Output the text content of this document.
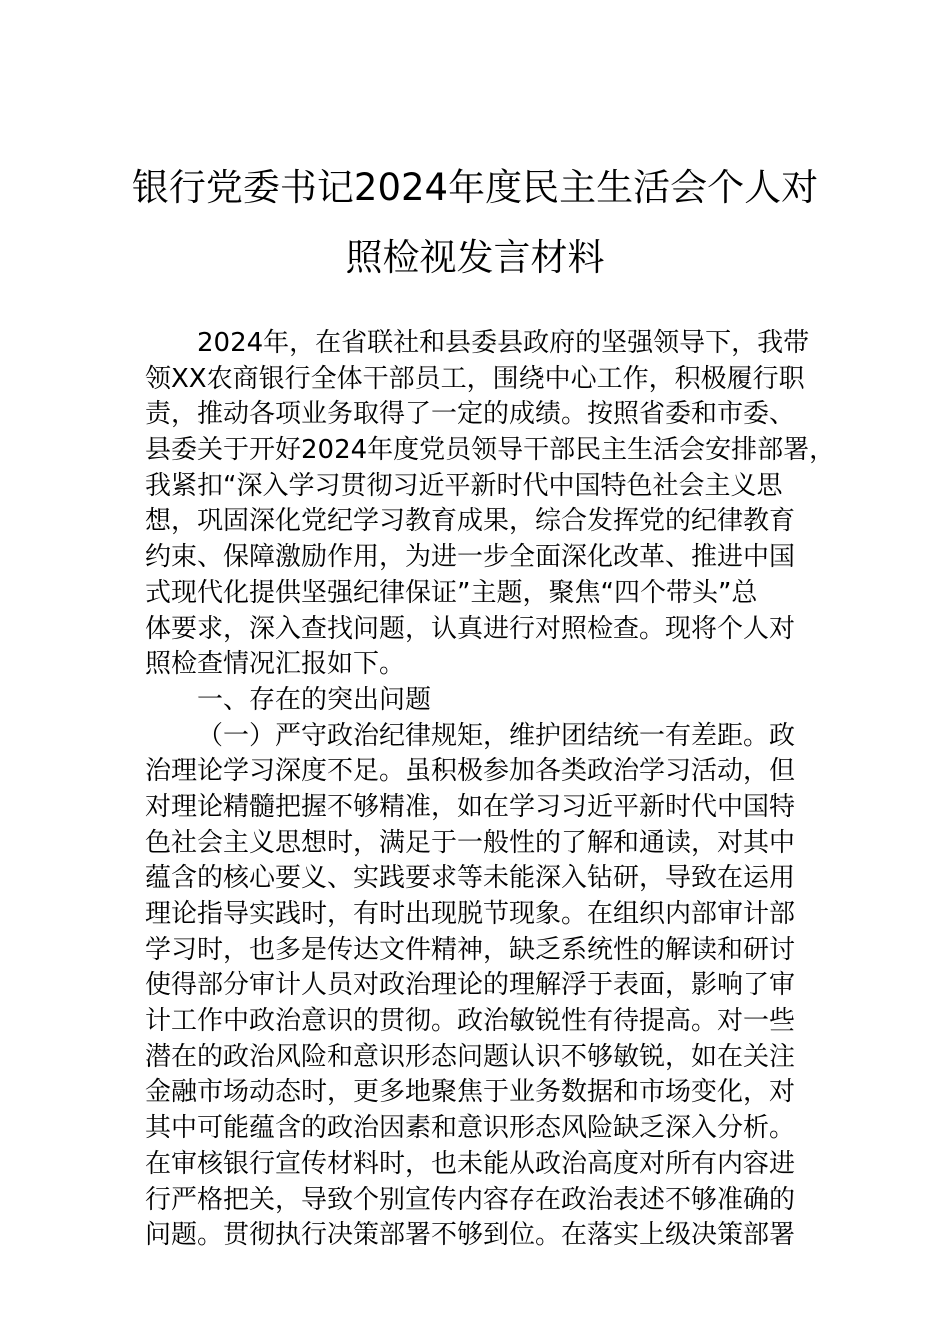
银行党委书记2024年度民主生活会个人对
照检视发言材料
2024年，在省联社和县委县政府的坚强领导下，我带
领XX农商银行全体干部员工，围绕中心工作，积极履行职
责，推动各项业务取得了一定的成绩。按照省委和市委、
县委关于开好2024年度党员领导干部民主生活会安排部署，
我紧扣“深入学习贯彻习近平新时代中国特色社会主义思
想，巩固深化党纪学习教育成果，综合发挥党的纪律教育
约束、保障激励作用，为进一步全面深化改革、推进中国
式现代化提供坚强纪律保证”主题，聚焦“四个带头”总
体要求，深入查找问题，认真进行对照检查。现将个人对
照检查情况汇报如下。
一、存在的突出问题
（一）严守政治纪律规矩，维护团结统一有差距。政
治理论学习深度不足。虽积极参加各类政治学习活动，但
对理论精髓把握不够精准，如在学习习近平新时代中国特
色社会主义思想时，满足于一般性的了解和通读，对其中
蕴含的核心要义、实践要求等未能深入钻研，导致在运用
理论指导实践时，有时出现脱节现象。在组织内部审计部
学习时，也多是传达文件精神，缺乏系统性的解读和研讨
使得部分审计人员对政治理论的理解浮于表面，影响了审
计工作中政治意识的贯彻。政治敏锐性有待提高。对一些
潜在的政治风险和意识形态问题认识不够敏锐，如在关注
金融市场动态时，更多地聚焦于业务数据和市场变化，对
其中可能蕴含的政治因素和意识形态风险缺乏深入分析。
在审核银行宣传材料时，也未能从政治高度对所有内容进
行严格把关，导致个别宣传内容存在政治表述不够准确的
问题。贯彻执行决策部署不够到位。在落实上级决策部署
